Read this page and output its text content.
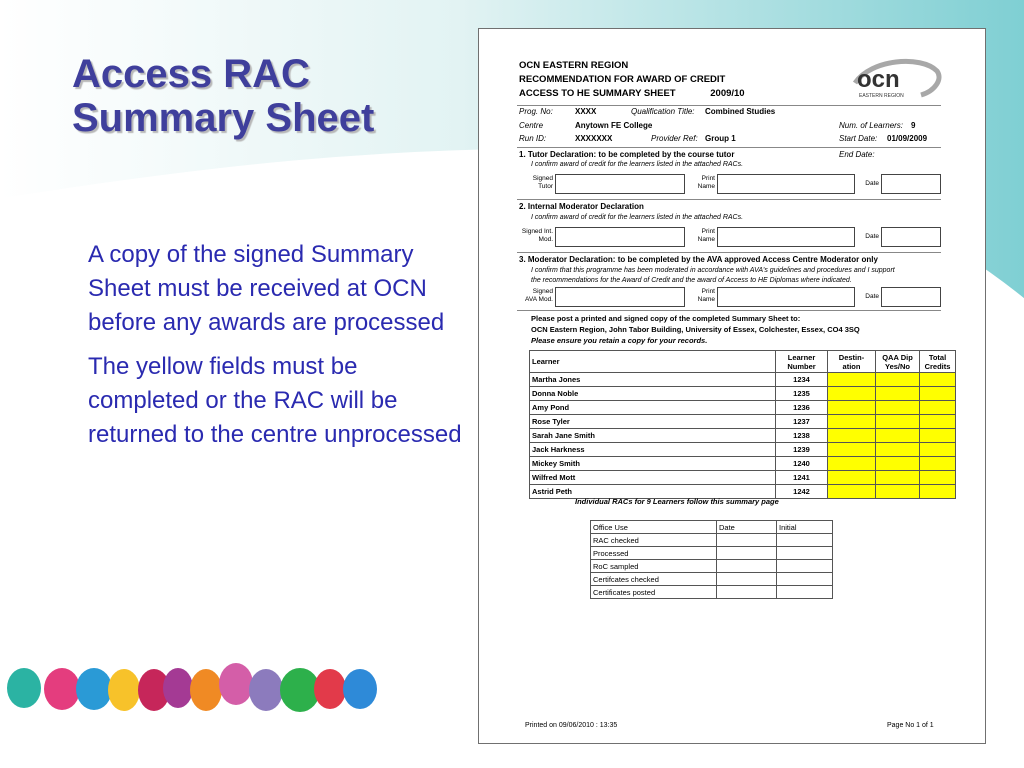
Access RAC
Summary Sheet

A copy of the signed Summary Sheet must be received at OCN before any awards are processed

The yellow fields must be completed or the RAC will be returned to the centre unprocessed

OCN EASTERN REGION
RECOMMENDATION FOR AWARD OF CREDIT
ACCESS TO HE SUMMARY SHEET	2009/10
ocn
EASTERN REGION
Prog. No:	XXXX	Qualification Title: Combined Studies
Centre	Anytown FE College	Num. of Learners: 9
Run ID:	XXXXXXX	Provider Ref: Group 1	Start Date: 01/09/2009
1. Tutor Declaration: to be completed by the course tutor	End Date:
I confirm award of credit for the learners listed in the attached RACs.
Signed
Tutor
Print
Name	Date
2. Internal Moderator Declaration
I confirm award of credit for the learners listed in the attached RACs.
Signed Int.
Mod.
Print
Name	Date
3. Moderator Declaration: to be completed by the AVA approved Access Centre Moderator only
I confirm that this programme has been moderated in accordance with AVA's guidelines and procedures and I support
the recommendations for the Award of Credit and the award of Access to HE Diplomas where indicated.
Signed
AVA Mod.
Print
Name	Date
Please post a printed and signed copy of the completed Summary Sheet to:
OCN Eastern Region, John Tabor Building, University of Essex, Colchester, Essex, CO4 3SQ
Please ensure you retain a copy for your records.
Learner	Learner Number	Destin- ation	QAA Dip Yes/No	Total Credits
Martha Jones	1234			
Donna Noble	1235			
Amy Pond	1236			
Rose Tyler	1237			
Sarah Jane Smith	1238			
Jack Harkness	1239			
Mickey Smith	1240			
Wilfred Mott	1241			
Astrid Peth	1242			
Individual RACs for 9 Learners follow this summary page
Office Use	Date	Initial
RAC checked		
Processed		
RoC sampled		
Certifcates checked		
Certificates posted		
Printed on 09/06/2010 : 13:35	Page No 1 of 1
